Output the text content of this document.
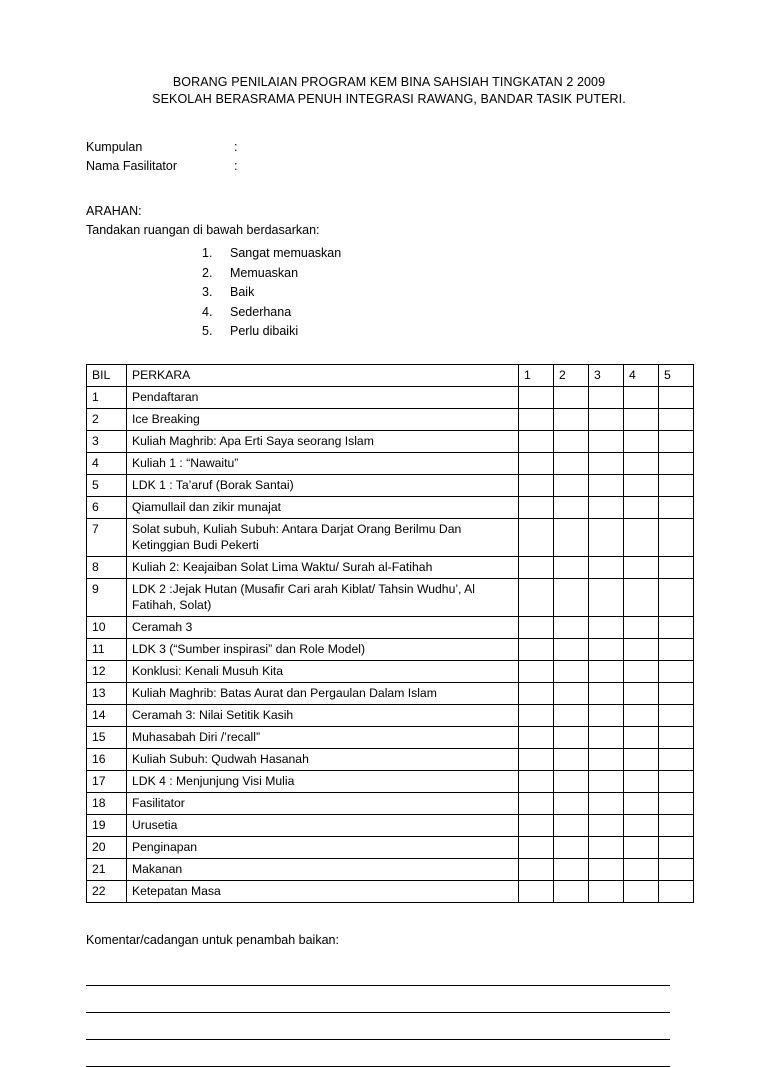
BORANG PENILAIAN PROGRAM KEM BINA SAHSIAH TINGKATAN 2 2009
SEKOLAH BERASRAMA PENUH INTEGRASI RAWANG, BANDAR TASIK PUTERI.
Kumpulan	:
Nama Fasilitator	:
ARAHAN:
Tandakan ruangan di bawah berdasarkan:
1.	Sangat memuaskan
2.	Memuaskan
3.	Baik
4.	Sederhana
5.	Perlu dibaiki
BIL	PERKARA	1	2	3	4	5
1	Pendaftaran					
2	Ice Breaking					
3	Kuliah Maghrib: Apa Erti Saya seorang Islam					
4	Kuliah 1 : “Nawaitu”					
5	LDK 1 : Ta’aruf (Borak Santai)					
6	Qiamullail dan zikir munajat					
7	Solat subuh, Kuliah Subuh: Antara Darjat Orang Berilmu Dan Ketinggian Budi Pekerti					
8	Kuliah 2: Keajaiban Solat Lima Waktu/ Surah al-Fatihah					
9	LDK 2 :Jejak Hutan (Musafir Cari arah Kiblat/ Tahsin Wudhu’, Al Fatihah, Solat)					
10	Ceramah 3					
11	LDK 3 (“Sumber inspirasi” dan Role Model)					
12	Konklusi: Kenali Musuh Kita					
13	Kuliah Maghrib: Batas Aurat dan Pergaulan Dalam Islam					
14	Ceramah 3: Nilai Setitik Kasih					
15	Muhasabah Diri /’recall”					
16	Kuliah Subuh: Qudwah Hasanah					
17	LDK 4 : Menjunjung Visi Mulia					
18	Fasilitator					
19	Urusetia					
20	Penginapan					
21	Makanan					
22	Ketepatan Masa					
Komentar/cadangan untuk penambah baikan:
